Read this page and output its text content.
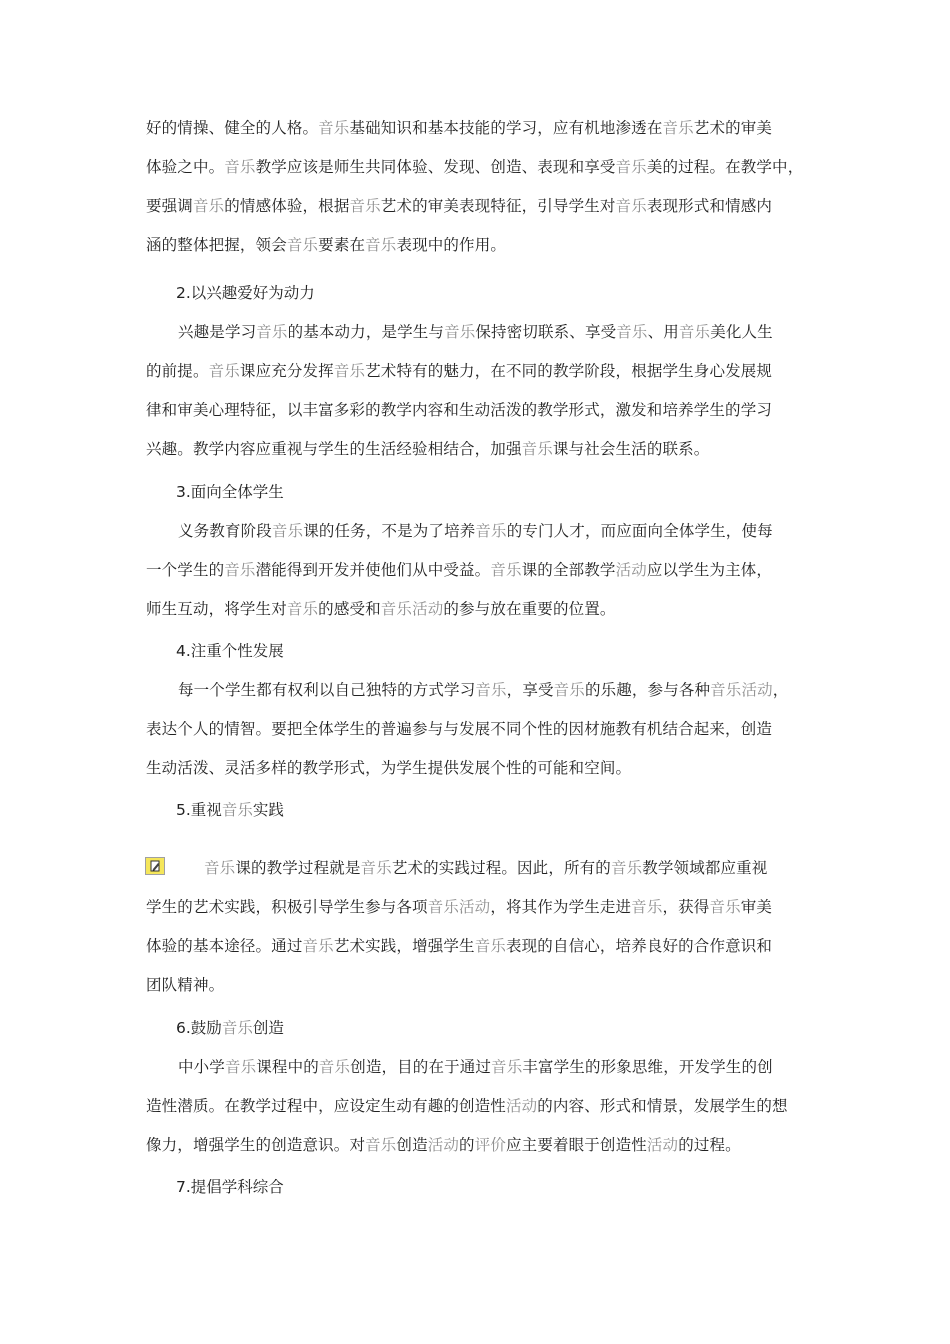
好的情操、健全的人格。音乐基础知识和基本技能的学习，应有机地渗透在音乐艺术的审美
体验之中。音乐教学应该是师生共同体验、发现、创造、表现和享受音乐美的过程。在教学中，
要强调音乐的情感体验，根据音乐艺术的审美表现特征，引导学生对音乐表现形式和情感内
涵的整体把握，领会音乐要素在音乐表现中的作用。
2.以兴趣爱好为动力
兴趣是学习音乐的基本动力，是学生与音乐保持密切联系、享受音乐、用音乐美化人生
的前提。音乐课应充分发挥音乐艺术特有的魅力，在不同的教学阶段，根据学生身心发展规
律和审美心理特征，以丰富多彩的教学内容和生动活泼的教学形式，激发和培养学生的学习
兴趣。教学内容应重视与学生的生活经验相结合，加强音乐课与社会生活的联系。
3.面向全体学生
义务教育阶段音乐课的任务，不是为了培养音乐的专门人才，而应面向全体学生，使每
一个学生的音乐潜能得到开发并使他们从中受益。音乐课的全部教学活动应以学生为主体，
师生互动，将学生对音乐的感受和音乐活动的参与放在重要的位置。
4.注重个性发展
每一个学生都有权利以自己独特的方式学习音乐，享受音乐的乐趣，参与各种音乐活动，
表达个人的情智。要把全体学生的普遍参与与发展不同个性的因材施教有机结合起来，创造
生动活泼、灵活多样的教学形式，为学生提供发展个性的可能和空间。
5.重视音乐实践
音乐课的教学过程就是音乐艺术的实践过程。因此，所有的音乐教学领域都应重视
学生的艺术实践，积极引导学生参与各项音乐活动，将其作为学生走进音乐，获得音乐审美
体验的基本途径。通过音乐艺术实践，增强学生音乐表现的自信心，培养良好的合作意识和
团队精神。
6.鼓励音乐创造
中小学音乐课程中的音乐创造，目的在于通过音乐丰富学生的形象思维，开发学生的创
造性潜质。在教学过程中，应设定生动有趣的创造性活动的内容、形式和情景，发展学生的想
像力，增强学生的创造意识。对音乐创造活动的评价应主要着眼于创造性活动的过程。
7.提倡学科综合
